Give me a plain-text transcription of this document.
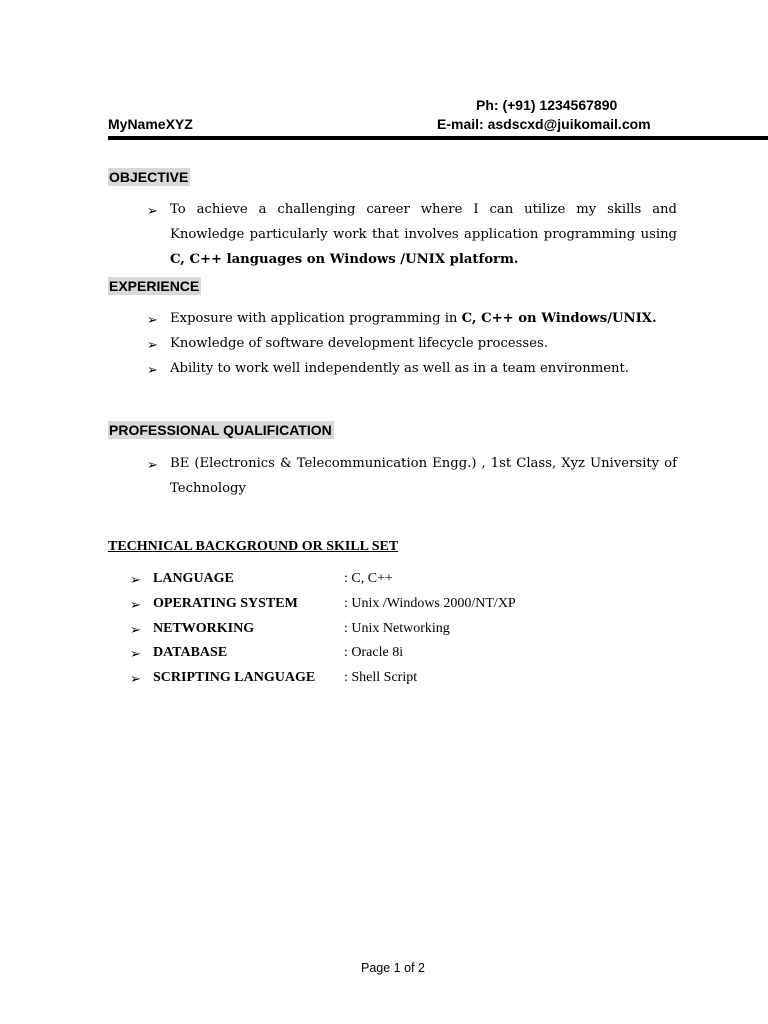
Ph: (+91) 1234567890
MyNameXYZ	E-mail: asdscxd@juikomail.com
OBJECTIVE
➢ To achieve a challenging career where I can utilize my skills and
Knowledge particularly work that involves application programming using
C, C++ languages on Windows /UNIX platform.
EXPERIENCE
➢ Exposure with application programming in C, C++ on Windows/UNIX.
➢ Knowledge of software development lifecycle processes.
➢ Ability to work well independently as well as in a team environment.
PROFESSIONAL QUALIFICATION
➢ BE (Electronics & Telecommunication Engg.) , 1st Class, Xyz University of
Technology
TECHNICAL BACKGROUND OR SKILL SET
➢ LANGUAGE	: C, C++
➢ OPERATING SYSTEM	: Unix /Windows 2000/NT/XP
➢ NETWORKING	: Unix Networking
➢ DATABASE	: Oracle 8i
➢ SCRIPTING LANGUAGE : Shell Script
Page 1 of 2
